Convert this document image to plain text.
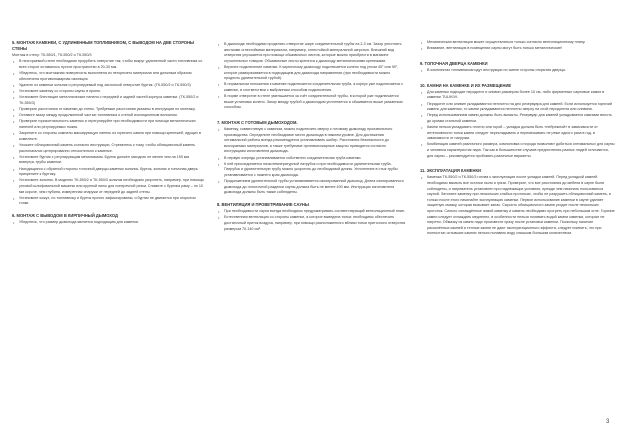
5. МОНТАЖ КАМЕНКИ, С УДЛИНЕННЫМ ТОПЛИВНИКОМ, С ВЫВОДОМ НА ДВЕ СТОРОНЫ СТЕНЫ

Монтаж в стену: ТК-550/1, ТК-550/2 и ТК-550/3

• В несгораемой стене необходимо прорубить отверстие так, чтобы вокруг удлиненной части топливника со всех сторон оставалось пустое пространство в 20-30 мм.
• Убедитесь, что монтажная поверхность выполнена из негорючего материала или должным образом обеспечена противопожарная изоляция.
• Удалите из каменки зольник и регулируемый под заслонкой отверстие буртик. (ТК-550/2 и ТК-550/3)
• Установите каменку со стороны сауны в проем.
• Установите блестящие металлические панели с передней и задней частей корпуса каменки. (ТК-550/2 и ТК-550/3)
• Проверьте расстояния от каменки до стены. Требуемые расстояния указаны в инструкции по монтажу.
• Оставьте зазор между продолженной частью топливника и стеной изоляционным волокном.
• Проверьте горизонтальность каменки и отрегулируйте при необходимости при помощи металлических панелей или регулируемых ножек.
• Закрепите со стороны комнаты маскирующую панель из горючего камня при помощи крепежей, идущих в комплекте.
• Уложите облицовочный камень согласно инструкции. Стремитесь к тому, чтобы облицовочный камень располагался центрированно относительно к каменке.
• Установите буртик с регулирующим механизмом. Буртик должен заходить не менее чем на 150 мм вовнутрь трубы каменки.
• Находящиеся с обратной стороны топочной дверцы каменки зольник, буртик, зольник и топочная дверь прикрепите к буртику.
• Установите зольник. В моделях ТК-550/2 и ТК-550/3 зольник необходимо укоротить, например, при помощи угловой шлифовальной машины или крупной пилы для поперечной резки. Снимите с буртика раму – по 10 мм короче, чем глубина, измеренная снаружи от передней до задней стены.
• Установите кожух, по топливнику и буртик прочно зафиксированы, и буртик не двигается при открытии топки.
6. МОНТАЖ С ВЫВОДОМ В КИРПИЧНЫЙ ДЫМОХОД
• Убедитесь, что размер дымохода является подходящим для каменки.
• В дымоходе необходимо проделать отверстие шире соединительной трубы на 2-3 см. Зазор уплотнить жесткими огнестойкими материалом, например, огнестойкой минеральной шерстью. Внешний вид отверстия улучшается при помощи обшивочных листов, которые можно приобрести в магазине строительных товаров. Обшивочные листы крепятся к дымоходу металлическими крепежами.
• Верхнее подключение каменки. К кирпичному дымоходу подключается колено под углом 45° или 90°, которое разворачивается в подходящем для дымохода направлении (при необходимости можно продлить удлинительной трубой).
• В нормальном положении к каменке подключается соединительная труба, а корпус уже подключается к каменке, в соответствии с выбранным способом подключения.
• В норме отверстие в стене уменьшается за счёт соединительной трубы, в которой уже подключается выше установки колено. Зазор между трубой и дымоходом уплотняется и обшивается выше указанным способом.
7. МОНТАЖ С ГОТОВЫМ ДЫМОХОДОМ.
• Каменку, совместимую с камином, можно подключить сверху к готовому дымоходу произвольного производства. Определите необходимое место дымохода в нижнем уровне. Для достижения оптимальной работы всегда рекомендуется устанавливать шибер. Расстояния безопасности до возгораемых материалов, а также требуемые противопожарные защиты приводятся согласно инструкциям изготовителя дымохода.
• В первую очередь устанавливается собственно соединительная труба каменки.
• К ней присоединяется низкотемпературный патрубок и при необходимости удлинительная труба. Патрубок и удлинительную трубу можно укоротить до необходимой длины. Уплотнение в стык трубы устанавливается с нижнего края дымохода.
• Продолжением удлинительной трубы устанавливается изолированный дымоход. Длина изолированного дымохода до потолочной разделки сауны должна быть не менее 400 мм. Инструкции изготовителя дымохода должны быть также соблюдены.
8. ВЕНТИЛЯЦИЯ И ПРОВЕТРИВАНИЕ САУНЫ
• При необходимости сауна всегда необходимо предусматривать соответствующий вентиляционный план.
• Естественная вентиляция со стороны каменки, а которое выведена топка: необходимо обеспечить достаточный приток воздуха, например, при помощи расположенного вблизи топки приточного отверстия размером 70-140 см².
• Механическая вентиляция может осуществляться только согласно вентиляционному плану.
• Внимание, вентиляция в помещении сауны могут быть только металлические!
9. ТОПОЧНАЯ ДВЕРЦА КАМЕНКИ
• В комплектах топливником идут инструкции по смене стороны открытия дверцы.
10. КАМНИ НА КАМЕНКЕ И ИХ РАЗМЕЩЕНИЕ
• Для каменки подходят перидотит и оливин размером более 10 см, либо фирменные сауновые камни в каменке ТULIKIVI.
• Перидотит или оливин укладываются неплотно на дно резервуара для камней. Если используется горючий камень для каменки, то камни укладываются неплотно сверху на слой перидотита или оливина.
• Перед использованием камни должны быть вымыты. Резервуар для камней укладывается камнями вплоть до кромки стальной каменки.
• Камни нельзя укладывать плотно или горой – укладка должна быть «небрежной» в зависимости от интенсивности топки камни следует перекладывать и перемешивать не реже одного раза в год, в зависимости от нагрузки.
• Комбинация камней различного размера, компоновка и порода позволяют добиться оптимальных для сауны и человека характеристик пара. Так как в большинстве случаев предпочтения разных людей отличаются, для сауны – рекомендуется пробовать различные варианты.
11. ЭКСПЛУАТАЦИЯ КАМЕНКИ
• Каменка ТК-550/2 и ТК-550/3 готова к эксплуатации после укладки камней. Перед укладкой камней необходимо вымыть все остатки пыли и грязи. Проверьте, что все расстояния до мебели в сауне были соблюдены, и нагреватель установлен при надлежащих условиях, прежде чем начинать пользоваться сауной. Затопите каменку при нескольких слабых протопках, чтобы не разрушить облицовочный камень, и только после этого начинайте эксплуатацию каменки. Первое использование каменки в сауне удаляет защитную смазку, которая вызывает запах. Сырость облицовочного камня уходит после нескольких протопок. Сильно охлаждённые зимой каменку и камень необходимо прогреть при небольшом огне. Горячие камни следует охлаждать медленно, в особенности нельзя поливать водой камни каменки, которые не нагреты. Обмазку из камня надо произвести сразу после установки каменки. Поскольку наличие раскалённых камней и теплые камни не дают эксплуатационного эффекта, следует помнить, что при полностью остывших камнях нельзя поливать воду слишком большим количеством.
3
